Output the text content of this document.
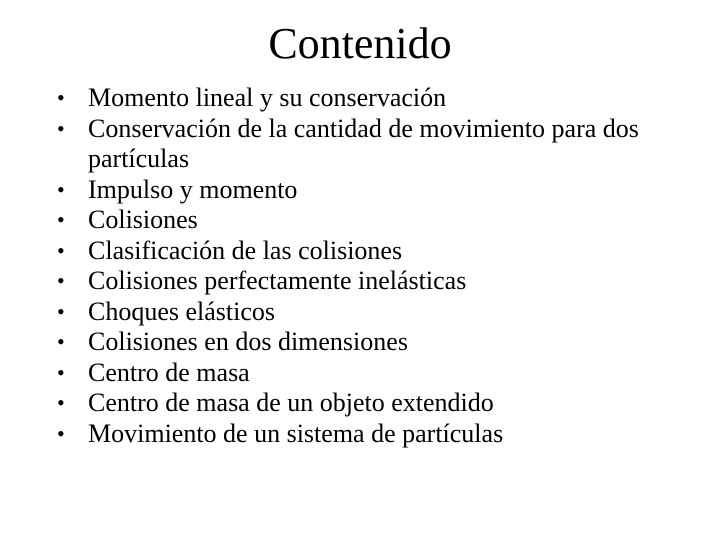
Contenido
• Momento lineal y su conservación
• Conservación de la cantidad de movimiento para dos partículas
• Impulso y momento
• Colisiones
• Clasificación de las colisiones
• Colisiones perfectamente inelásticas
• Choques elásticos
• Colisiones en dos dimensiones
• Centro de masa
• Centro de masa de un objeto extendido
• Movimiento de un sistema de partículas
